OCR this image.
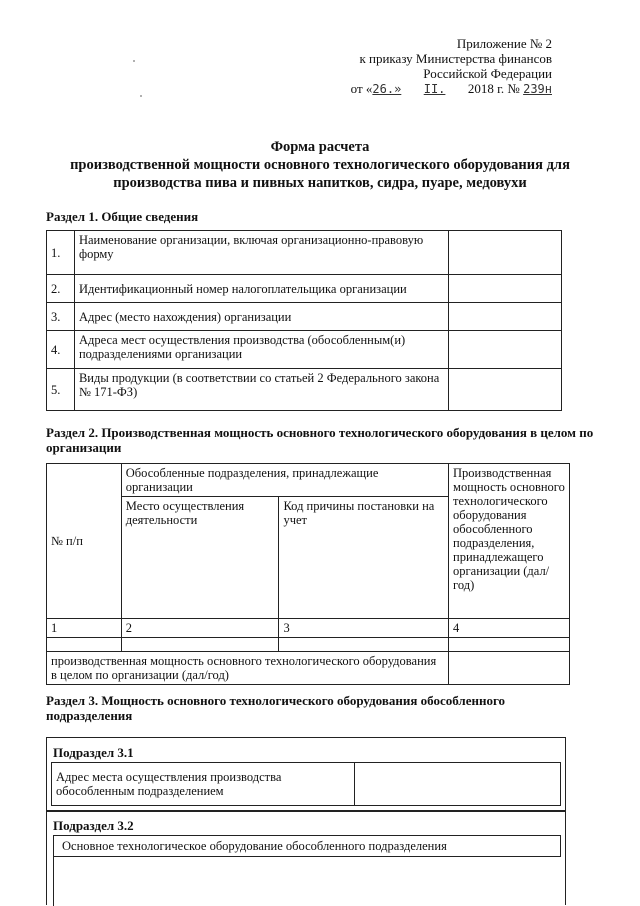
Приложение № 2
к приказу Министерства финансов
Российской Федерации
от «26.» II. 2018 г. № 239н
Форма расчета
производственной мощности основного технологического оборудования для
производства пива и пивных напитков, сидра, пуаре, медовухи
Раздел 1. Общие сведения
1.	Наименование организации, включая организационно-правовую форму	
2.	Идентификационный номер налогоплательщика организации	
3.	Адрес (место нахождения) организации	
4.	Адреса мест осуществления производства (обособленным(и) подразделениями организации	
5.	Виды продукции (в соответствии со статьей 2 Федерального закона № 171-ФЗ)	
Раздел 2. Производственная мощность основного технологического оборудования в целом по организации
№ п/п	Обособленные подразделения, принадлежащие организации		Производственная мощность основного технологического оборудования обособленного подразделения, принадлежащего организации (дал/год)
	Место осуществления деятельности	Код причины постановки на учет	
1	2	3	4

производственная мощность основного технологического оборудования в целом по организации (дал/год)			
Раздел 3. Мощность основного технологического оборудования обособленного подразделения
Подраздел 3.1
Адрес места осуществления производства обособленным подразделением
Подраздел 3.2
Основное технологическое оборудование обособленного подразделения
